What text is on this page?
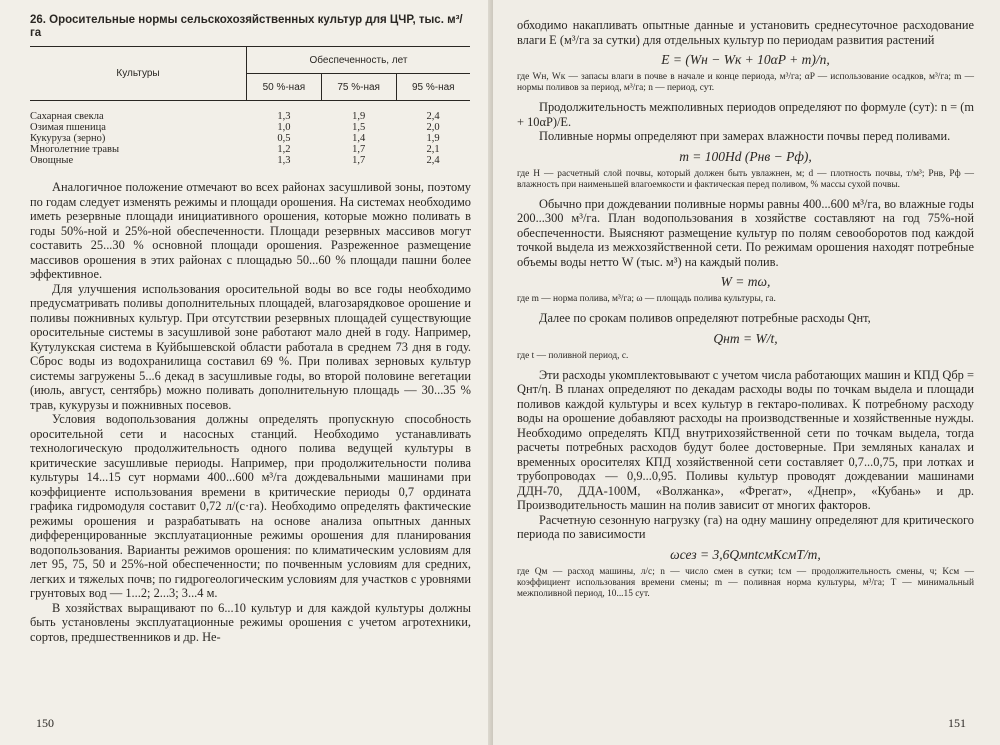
26. Оросительные нормы сельскохозяйственных культур для ЦЧР, тыс. м³/га
Культуры	Обеспеченность, лет		
	50 %-ная	75 %-ная	95 %-ная
Сахарная свекла	1,3	1,9	2,4
Озимая пшеница	1,0	1,5	2,0
Кукуруза (зерно)	0,5	1,4	1,9
Многолетние травы	1,2	1,7	2,1
Овощные	1,3	1,7	2,4

Аналогичное положение отмечают во всех районах засушливой зоны, поэтому по годам следует изменять режимы и площади орошения. На системах необходимо иметь резервные площади инициативного орошения, которые можно поливать в годы 50%-ной и 25%-ной обеспеченности. Площади резервных массивов могут составить 25...30 % основной площади орошения. Разреженное размещение массивов орошения в этих районах с площадью 50...60 % площади пашни более эффективное.

Для улучшения использования оросительной воды во все годы необходимо предусматривать поливы дополнительных площадей, влагозарядковое орошение и поливы пожнивных культур. При отсутствии резервных площадей существующие оросительные системы в засушливой зоне работают мало дней в году. Например, Кутулукская система в Куйбышевской области работала в среднем 73 дня в году. Сброс воды из водохранилища составил 69 %. При поливах зерновых культур системы загружены 5...6 декад в засушливые годы, во второй половине вегетации (июль, август, сентябрь) можно поливать дополнительную площадь — 30...35 % трав, кукурузы и пожнивных посевов.

Условия водопользования должны определять пропускную способность оросительной сети и насосных станций. Необходимо устанавливать технологическую продолжительность одного полива ведущей культуры в критические засушливые периоды. Например, при продолжительности полива культуры 14...15 сут нормами 400...600 м³/га дождевальными машинами при коэффициенте использования времени в критические периоды 0,7 ордината графика гидромодуля составит 0,72 л/(с·га). Необходимо определять фактические режимы орошения и разрабатывать на основе анализа опытных данных дифференцированные эксплуатационные режимы орошения для планирования водопользования. Варианты режимов орошения: по климатическим условиям для лет 95, 75, 50 и 25%-ной обеспеченности; по почвенным условиям для средних, легких и тяжелых почв; по гидрогеологическим условиям для участков с уровнями грунтовых вод — 1...2; 2...3; 3...4 м.

В хозяйствах выращивают по 6...10 культур и для каждой культуры должны быть установлены эксплуатационные режимы орошения с учетом агротехники, сортов, предшественников и др. Не-

150

обходимо накапливать опытные данные и установить среднесуточное расходование влаги E (м³/га за сутки) для отдельных культур по периодам развития растений

E = (Wн − Wк + 10αP + m)/n,

где Wн, Wк — запасы влаги в почве в начале и конце периода, м³/га; αP — использование осадков, м³/га; m — нормы поливов за период, м³/га; n — период, сут.

Продолжительность межполивных периодов определяют по формуле (сут): n = (m + 10αP)/E.

Поливные нормы определяют при замерах влажности почвы перед поливами.

m = 100Hd (Pнв − Pф),

где H — расчетный слой почвы, который должен быть увлажнен, м; d — плотность почвы, т/м³; Pнв, Pф — влажность при наименьшей влагоемкости и фактическая перед поливом, % массы сухой почвы.

Обычно при дождевании поливные нормы равны 400...600 м³/га, во влажные годы 200...300 м³/га. План водопользования в хозяйстве составляют на год 75%-ной обеспеченности. Выясняют размещение культур по полям севооборотов под каждой точкой выдела из межхозяйственной сети. По режимам орошения находят потребные объемы воды нетто W (тыс. м³) на каждый полив.

W = mω,

где m — норма полива, м³/га; ω — площадь полива культуры, га.

Далее по срокам поливов определяют потребные расходы Qнт,

Qнт = W/t,

где t — поливной период, с.

Эти расходы укомплектовывают с учетом числа работающих машин и КПД Qбр = Qнт/η. В планах определяют по декадам расходы воды по точкам выдела и площади поливов каждой культуры и всех культур в гектаро-поливах. К потребному расходу воды на орошение добавляют расходы на производственные и хозяйственные нужды. Необходимо определять КПД внутрихозяйственной сети по точкам выдела, тогда расчеты потребных расходов будут более достоверные. При земляных каналах и временных оросителях КПД хозяйственной сети составляет 0,7...0,75, при лотках и трубопроводах — 0,9...0,95. Поливы культур проводят дождевании машинами ДДН-70, ДДА-100М, «Волжанка», «Фрегат», «Днепр», «Кубань» и др. Производительность машин на полив зависит от многих факторов.

Расчетную сезонную нагрузку (га) на одну машину определяют для критического периода по зависимости

ωсез = 3,6QмntсмKсмT/m,

где Qм — расход машины, л/с; n — число смен в сутки; tсм — продолжительность смены, ч; Kсм — коэффициент использования времени смены; m — поливная норма культуры, м³/га; T — минимальный межполивной период, 10...15 сут.

151
